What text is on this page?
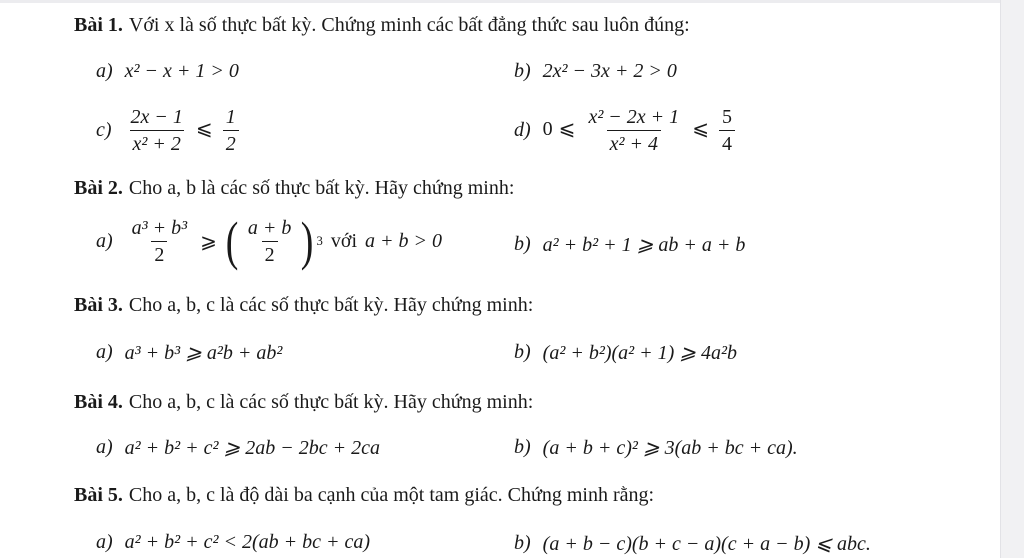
Bài 1. Với x là số thực bất kỳ. Chứng minh các bất đẳng thức sau luôn đúng:
a) x² − x + 1 > 0	b) 2x² − 3x + 2 > 0
$c) \frac{2x - 1}{\text{x² + 2}}$ ⩽ $\frac{1}{2}$	d) 0 ⩽ $\frac{\text{x² − 2x + 1}}{\text{x² + 4}}$ ⩽ $\frac{5}{4}$
Bài 2. Cho a, b là các số thực bất kỳ. Hãy chứng minh:
$a) \frac{\text{a³ + b³}}{2}$ ⩾ ( $\frac{a + b}{2}$ ) 3 với a + b > 0	b) a² + b² + 1 ⩾ ab + a + b
Bài 3. Cho a, b, c là các số thực bất kỳ. Hãy chứng minh:
a) a³ + b³ ⩾ a²b + ab²	b) (a² + b²)(a² + 1) ⩾ 4a²b
Bài 4. Cho a, b, c là các số thực bất kỳ. Hãy chứng minh:
a) a² + b² + c² ⩾ 2ab − 2bc + 2ca	b) (a + b + c)² ⩾ 3(ab + bc + ca).
Bài 5. Cho a, b, c là độ dài ba cạnh của một tam giác. Chứng minh rằng:
a) a² + b² + c² < 2(ab + bc + ca)	b) (a + b − c)(b + c − a)(c + a − b) ⩽ abc.
